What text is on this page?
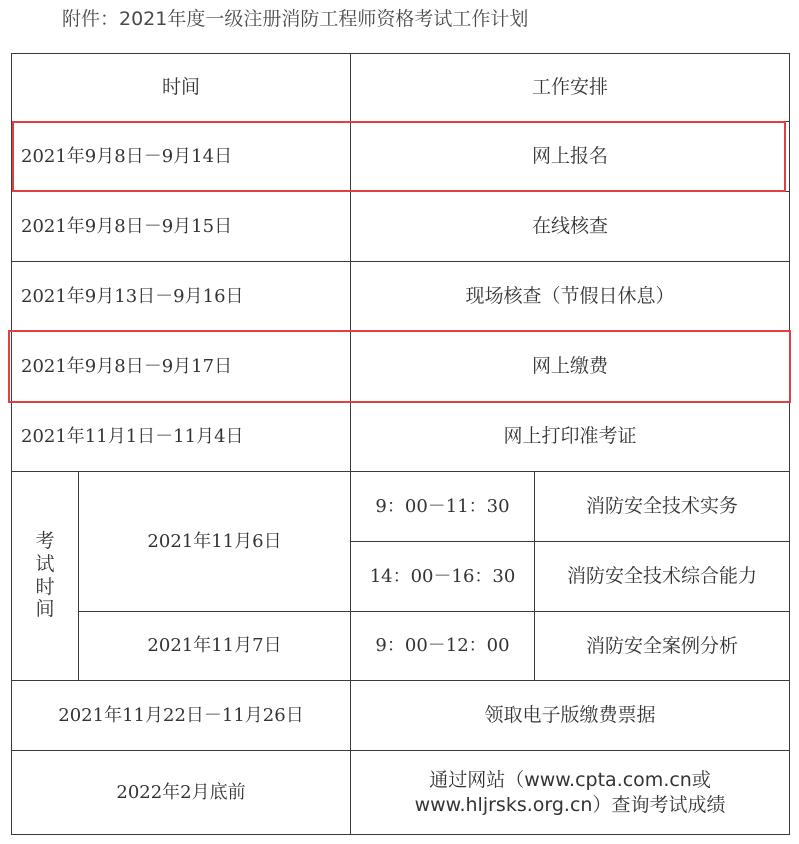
附件：2021年度一级注册消防工程师资格考试工作计划
时间		工作安排	
2021年9月8日－9月14日		网上报名	
2021年9月8日－9月15日		在线核查	
2021年9月13日－9月16日		现场核查（节假日休息）	
2021年9月8日－9月17日		网上缴费	
2021年11月1日－11月4日		网上打印准考证	
考试时间	2021年11月6日	9：00－11：30	消防安全技术实务
		14：00－16：30	消防安全技术综合能力
	2021年11月7日	9：00－12：00	消防安全案例分析
2021年11月22日－11月26日		领取电子版缴费票据	
2022年2月底前		通过网站（www.cpta.com.cn或
www.hljrsks.org.cn）查询考试成绩	
